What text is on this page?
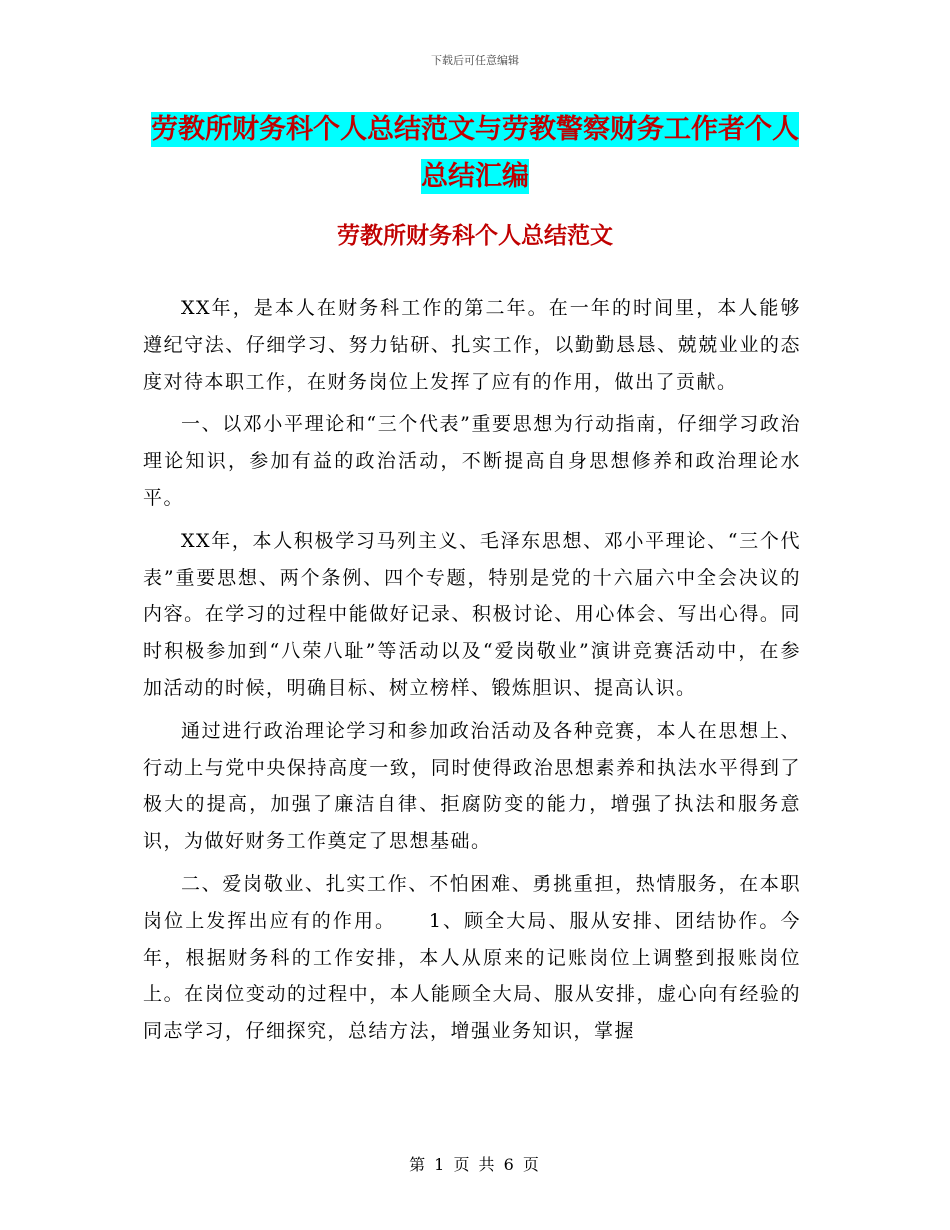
下载后可任意编辑
劳教所财务科个人总结范文与劳教警察财务工作者个人总结汇编
劳教所财务科个人总结范文

XX年，是本人在财务科工作的第二年。在一年的时间里，本人能够遵纪守法、仔细学习、努力钻研、扎实工作，以勤勤恳恳、兢兢业业的态度对待本职工作，在财务岗位上发挥了应有的作用，做出了贡献。

一、以邓小平理论和“三个代表”重要思想为行动指南，仔细学习政治理论知识，参加有益的政治活动，不断提高自身思想修养和政治理论水平。

XX年，本人积极学习马列主义、毛泽东思想、邓小平理论、“三个代表”重要思想、两个条例、四个专题，特别是党的十六届六中全会决议的内容。在学习的过程中能做好记录、积极讨论、用心体会、写出心得。同时积极参加到“八荣八耻”等活动以及“爱岗敬业”演讲竞赛活动中，在参加活动的时候，明确目标、树立榜样、锻炼胆识、提高认识。

通过进行政治理论学习和参加政治活动及各种竞赛，本人在思想上、行动上与党中央保持高度一致，同时使得政治思想素养和执法水平得到了极大的提高，加强了廉洁自律、拒腐防变的能力，增强了执法和服务意识，为做好财务工作奠定了思想基础。

二、爱岗敬业、扎实工作、不怕困难、勇挑重担，热情服务，在本职岗位上发挥出应有的作用。　　1、顾全大局、服从安排、团结协作。今年，根据财务科的工作安排，本人从原来的记账岗位上调整到报账岗位上。在岗位变动的过程中，本人能顾全大局、服从安排，虚心向有经验的同志学习，仔细探究，总结方法，增强业务知识，掌握

第 1 页 共 6 页
